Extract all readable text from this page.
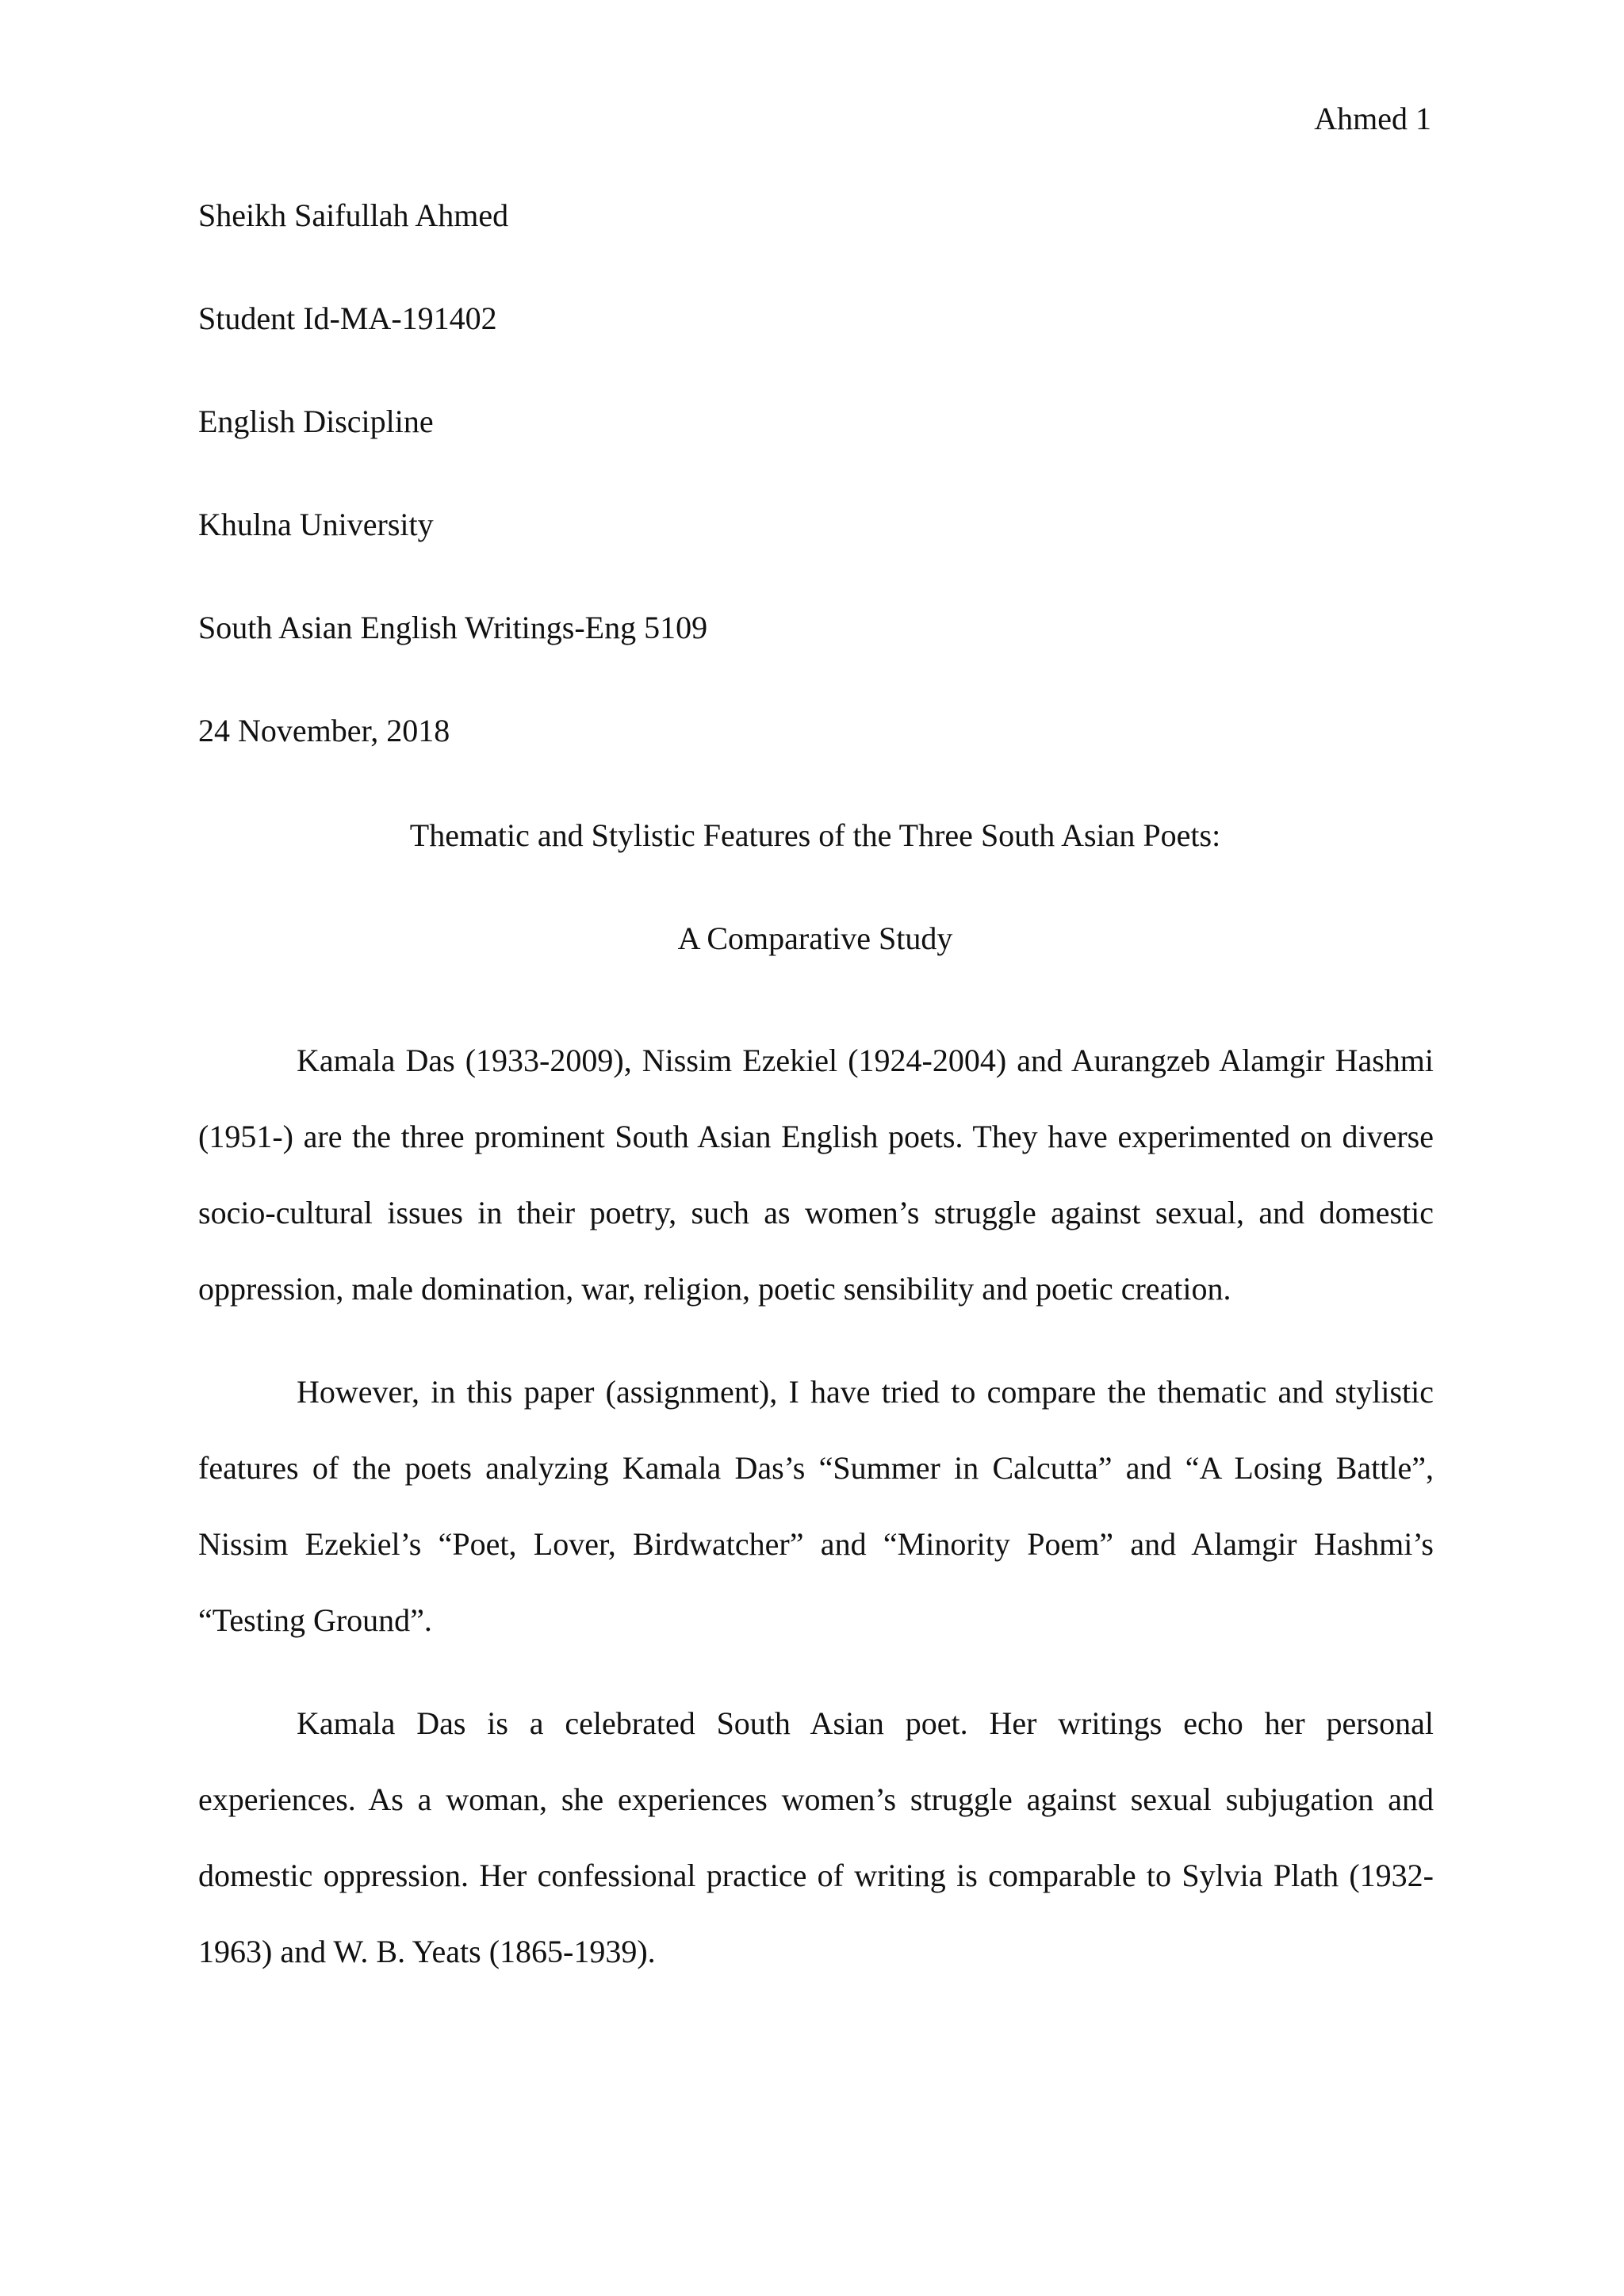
Ahmed 1
Sheikh Saifullah Ahmed
Student Id-MA-191402
English Discipline
Khulna University
South Asian English Writings-Eng 5109
24 November, 2018
Thematic and Stylistic Features of the Three South Asian Poets:
A Comparative Study

Kamala Das (1933-2009), Nissim Ezekiel (1924-2004) and Aurangzeb Alamgir Hashmi (1951-) are the three prominent South Asian English poets. They have experimented on diverse socio-cultural issues in their poetry, such as women’s struggle against sexual, and domestic oppression, male domination, war, religion, poetic sensibility and poetic creation.

However, in this paper (assignment), I have tried to compare the thematic and stylistic features of the poets analyzing Kamala Das’s “Summer in Calcutta” and “A Losing Battle”, Nissim Ezekiel’s “Poet, Lover, Birdwatcher” and “Minority Poem” and Alamgir Hashmi’s “Testing Ground”.

Kamala Das is a celebrated South Asian poet. Her writings echo her personal experiences. As a woman, she experiences women’s struggle against sexual subjugation and domestic oppression. Her confessional practice of writing is comparable to Sylvia Plath (1932-1963) and W. B. Yeats (1865-1939).
